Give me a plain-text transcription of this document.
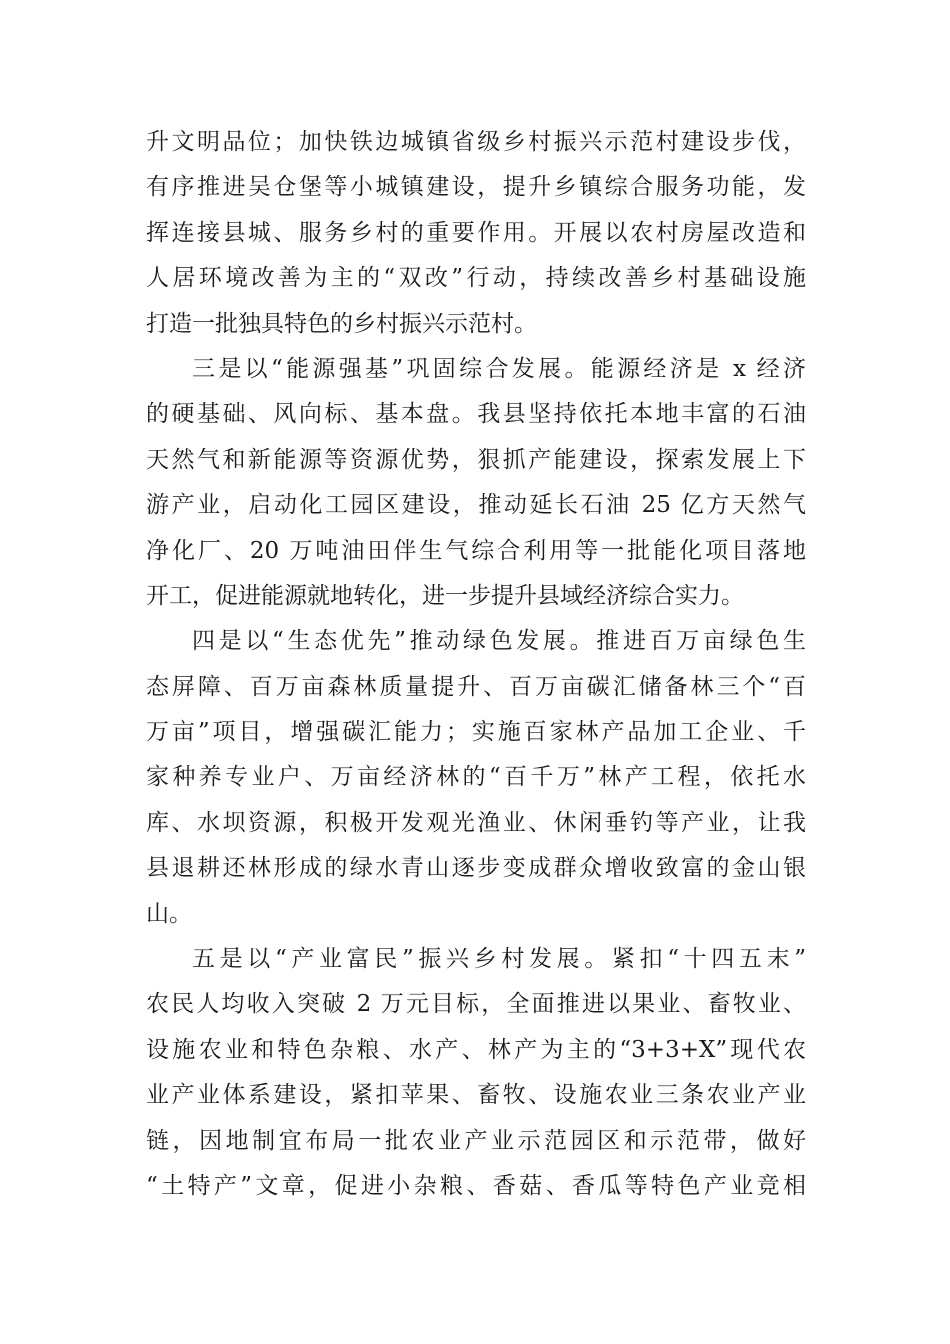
升文明品位；加快铁边城镇省级乡村振兴示范村建设步伐，
有序推进吴仓堡等小城镇建设，提升乡镇综合服务功能，发
挥连接县城、服务乡村的重要作用。开展以农村房屋改造和
人居环境改善为主的“双改”行动，持续改善乡村基础设施
打造一批独具特色的乡村振兴示范村。
三是以“能源强基”巩固综合发展。能源经济是 x 经济
的硬基础、风向标、基本盘。我县坚持依托本地丰富的石油
天然气和新能源等资源优势，狠抓产能建设，探索发展上下
游产业，启动化工园区建设，推动延长石油 25 亿方天然气
净化厂、20 万吨油田伴生气综合利用等一批能化项目落地
开工，促进能源就地转化，进一步提升县域经济综合实力。
四是以“生态优先”推动绿色发展。推进百万亩绿色生
态屏障、百万亩森林质量提升、百万亩碳汇储备林三个“百
万亩”项目，增强碳汇能力；实施百家林产品加工企业、千
家种养专业户、万亩经济林的“百千万”林产工程，依托水
库、水坝资源，积极开发观光渔业、休闲垂钓等产业，让我
县退耕还林形成的绿水青山逐步变成群众增收致富的金山银
山。
五是以“产业富民”振兴乡村发展。紧扣“十四五末”
农民人均收入突破 2 万元目标，全面推进以果业、畜牧业、
设施农业和特色杂粮、水产、林产为主的“3+3+X”现代农
业产业体系建设，紧扣苹果、畜牧、设施农业三条农业产业
链，因地制宜布局一批农业产业示范园区和示范带，做好
“土特产”文章，促进小杂粮、香菇、香瓜等特色产业竞相
